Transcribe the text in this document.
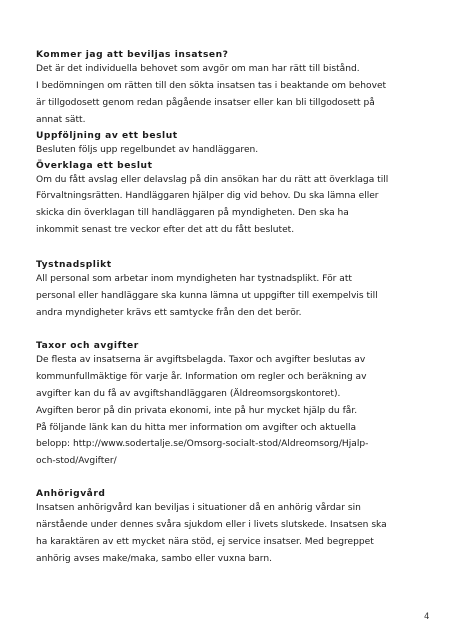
Kommer jag att beviljas insatsen?

Det är det individuella behovet som avgör om man har rätt till bistånd.
I bedömningen om rätten till den sökta insatsen tas i beaktande om behovet
är tillgodosett genom redan pågående insatser eller kan bli tillgodosett på
annat sätt.

Uppföljning av ett beslut

Besluten följs upp regelbundet av handläggaren.

Överklaga ett beslut

Om du fått avslag eller delavslag på din ansökan har du rätt att överklaga till
Förvaltningsrätten. Handläggaren hjälper dig vid behov. Du ska lämna eller
skicka din överklagan till handläggaren på myndigheten. Den ska ha
inkommit senast tre veckor efter det att du fått beslutet.

Tystnadsplikt

All personal som arbetar inom myndigheten har tystnadsplikt. För att
personal eller handläggare ska kunna lämna ut uppgifter till exempelvis till
andra myndigheter krävs ett samtycke från den det berör.

Taxor och avgifter

De flesta av insatserna är avgiftsbelagda. Taxor och avgifter beslutas av
kommunfullmäktige för varje år. Information om regler och beräkning av
avgifter kan du få av avgiftshandläggaren (Äldreomsorgskontoret).
Avgiften beror på din privata ekonomi, inte på hur mycket hjälp du får.
På följande länk kan du hitta mer information om avgifter och aktuella
belopp: http://www.sodertalje.se/Omsorg-socialt-stod/Aldreomsorg/Hjalp-
och-stod/Avgifter/

Anhörigvård

Insatsen anhörigvård kan beviljas i situationer då en anhörig vårdar sin
närstående under dennes svåra sjukdom eller i livets slutskede. Insatsen ska
ha karaktären av ett mycket nära stöd, ej service insatser. Med begreppet
anhörig avses make/maka, sambo eller vuxna barn.
4
